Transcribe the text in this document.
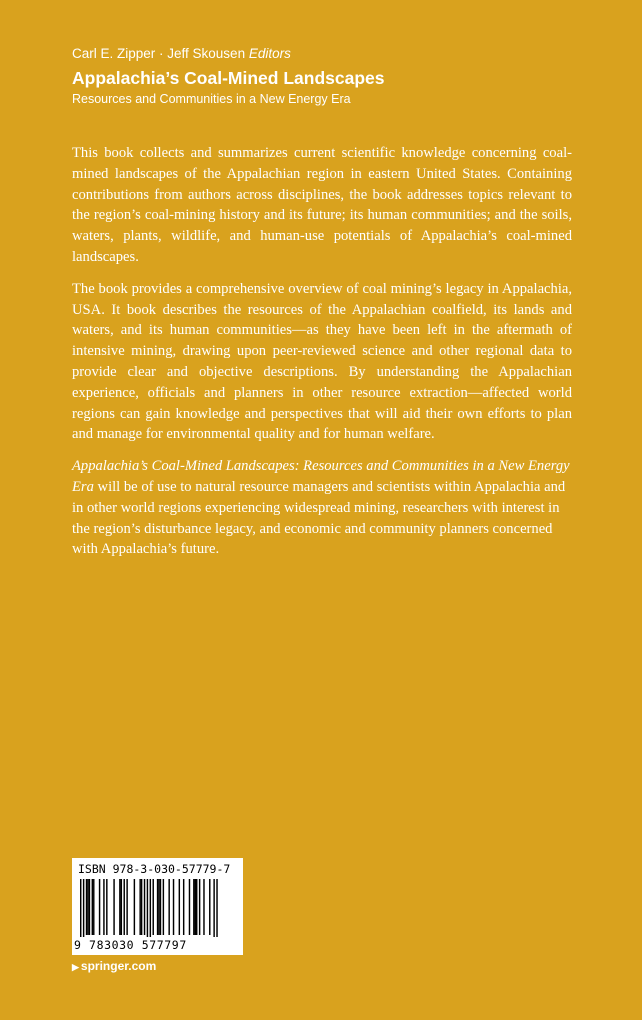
Carl E. Zipper · Jeff Skousen Editors
Appalachia’s Coal-Mined Landscapes
Resources and Communities in a New Energy Era

This book collects and summarizes current scientific knowledge concerning coal-mined landscapes of the Appalachian region in eastern United States. Containing contributions from authors across disciplines, the book addresses topics relevant to the region’s coal-mining history and its future; its human communities; and the soils, waters, plants, wildlife, and human-use potentials of Appalachia’s coal-mined landscapes.

The book provides a comprehensive overview of coal mining’s legacy in Appalachia, USA. It book describes the resources of the Appalachian coalfield, its lands and waters, and its human communities—as they have been left in the aftermath of intensive mining, drawing upon peer-reviewed science and other regional data to provide clear and objective descriptions. By understanding the Appalachian experience, officials and planners in other resource extraction—affected world regions can gain knowledge and perspectives that will aid their own efforts to plan and manage for environmental quality and for human welfare.

Appalachia’s Coal-Mined Landscapes: Resources and Communities in a New Energy Era will be of use to natural resource managers and scientists within Appalachia and in other world regions experiencing widespread mining, researchers with interest in the region’s disturbance legacy, and economic and community planners concerned with Appalachia’s future.

ISBN 978-3-030-57779-7
9 783030 577797
▶ springer.com
